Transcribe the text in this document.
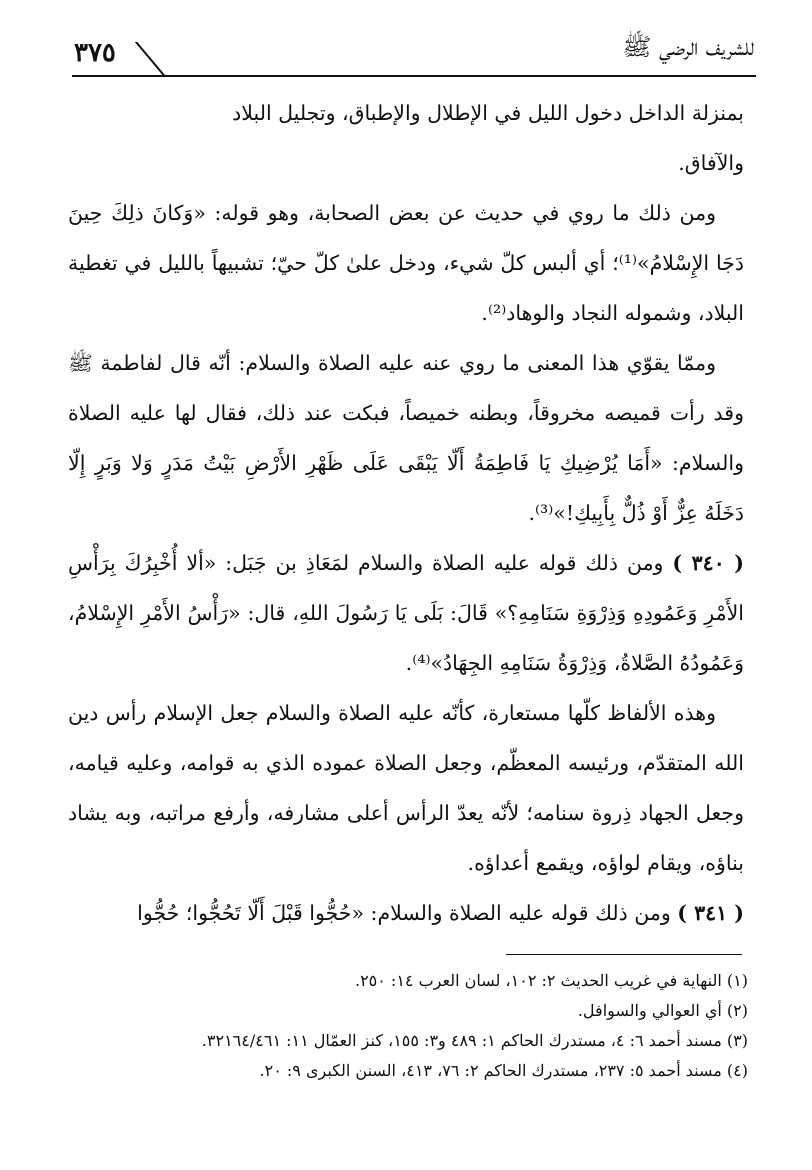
للشريف الرضي ﷺ
٣٧٥

بمنزلة الداخل دخول الليل في الإطلال والإطباق، وتجليل البلاد
والآفاق.

ومن ذلك ما روي في حديث عن بعض الصحابة، وهو قوله: «وَكانَ ذلِكَ حِينَ دَجَا الإِسْلامُ»⁽¹⁾؛ أي ألبس كلّ شيء، ودخل علىٰ كلّ حيّ؛ تشبيهاً بالليل في تغطية البلاد، وشموله النجاد والوهاد⁽²⁾.

وممّا يقوّي هذا المعنى ما روي عنه عليه الصلاة والسلام: أنّه قال لفاطمة ﷺ وقد رأت قميصه مخروقاً، وبطنه خميصاً، فبكت عند ذلك، فقال لها عليه الصلاة والسلام: «أَمَا يُرْضِيكِ يَا فَاطِمَةُ أَلّا يَبْقَى عَلَى ظَهْرِ الأَرْضِ بَيْتُ مَدَرٍ وَلا وَبَرٍ إِلّا دَخَلَهُ عِزٌّ أَوْ ذُلٌّ بِأَبِيكِ!»⁽³⁾.

( ٣٤٠ ) ومن ذلك قوله عليه الصلاة والسلام لمَعَاذِ بن جَبَل: «ألا أُخْبِرُكَ بِرَأْسِ الأَمْرِ وَعَمُودِهِ وَذِرْوَةِ سَنَامِهِ؟» قَالَ: بَلَى يَا رَسُولَ اللهِ، قال: «رَأْسُ الأَمْرِ الإِسْلامُ، وَعَمُودُهُ الصَّلاةُ، وَذِرْوَةُ سَنَامِهِ الجِهَادُ»⁽⁴⁾.

وهذه الألفاظ كلّها مستعارة، كأنّه عليه الصلاة والسلام جعل الإسلام رأس دين الله المتقدّم، ورئيسه المعظّم، وجعل الصلاة عموده الذي به قوامه، وعليه قيامه، وجعل الجهاد ذِروة سنامه؛ لأنّه يعدّ الرأس أعلى مشارفه، وأرفع مراتبه، وبه يشاد بناؤه، ويقام لواؤه، ويقمع أعداؤه.

( ٣٤١ ) ومن ذلك قوله عليه الصلاة والسلام: «حُجُّوا قَبْلَ أَلّا تَحُجُّوا؛ حُجُّوا

(١) النهاية في غريب الحديث ٢: ١٠٢، لسان العرب ١٤: ٢٥٠.

(٢) أي العوالي والسوافل.

(٣) مسند أحمد ٦: ٤، مستدرك الحاكم ١: ٤٨٩ و٣: ١٥٥، كنز العمّال ١١: ٣٢١٦٤/٤٦١.

(٤) مسند أحمد ٥: ٢٣٧، مستدرك الحاكم ٢: ٧٦، ٤١٣، السنن الكبرى ٩: ٢٠.
